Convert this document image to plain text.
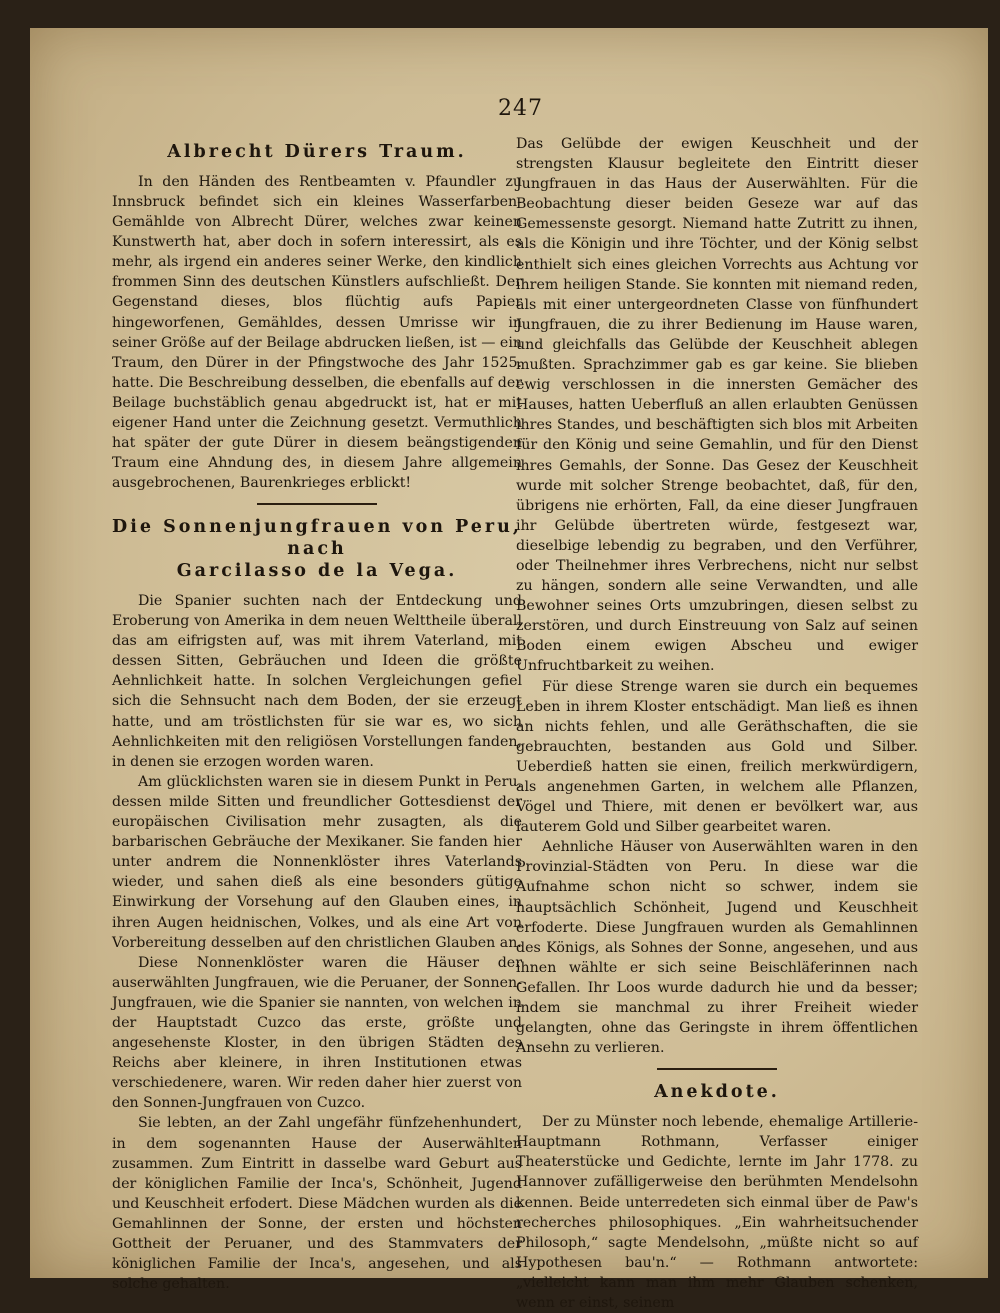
247
Albrecht Dürers Traum.

In den Händen des Rentbeamten v. Pfaundler zu Innsbruck befindet sich ein kleines Wasserfarben-Gemählde von Albrecht Dürer, welches zwar keinen Kunstwerth hat, aber doch in sofern interessirt, als es mehr, als irgend ein anderes seiner Werke, den kindlich frommen Sinn des deutschen Künstlers aufschließt. Der Gegenstand dieses, blos flüchtig aufs Papier hingeworfenen, Gemähldes, dessen Umrisse wir in seiner Größe auf der Beilage abdrucken ließen, ist — ein Traum, den Dürer in der Pfingstwoche des Jahr 1525. hatte. Die Beschreibung desselben, die ebenfalls auf der Beilage buchstäblich genau abgedruckt ist, hat er mit eigener Hand unter die Zeichnung gesetzt. Vermuthlich hat später der gute Dürer in diesem beängstigenden Traum eine Ahndung des, in diesem Jahre allgemein ausgebrochenen, Baurenkrieges erblickt!

Die Sonnenjungfrauen von Peru, nach
Garcilasso de la Vega.

Die Spanier suchten nach der Entdeckung und Eroberung von Amerika in dem neuen Welttheile überall das am eifrigsten auf, was mit ihrem Vaterland, mit dessen Sitten, Gebräuchen und Ideen die größte Aehnlichkeit hatte. In solchen Vergleichungen gefiel sich die Sehnsucht nach dem Boden, der sie erzeugt hatte, und am tröstlichsten für sie war es, wo sich Aehnlichkeiten mit den religiösen Vorstellungen fanden, in denen sie erzogen worden waren.

Am glücklichsten waren sie in diesem Punkt in Peru, dessen milde Sitten und freundlicher Gottesdienst der europäischen Civilisation mehr zusagten, als die barbarischen Gebräuche der Mexikaner. Sie fanden hier unter andrem die Nonnenklöster ihres Vaterlands wieder, und sahen dieß als eine besonders gütige Einwirkung der Vorsehung auf den Glauben eines, in ihren Augen heidnischen, Volkes, und als eine Art von Vorbereitung desselben auf den christlichen Glauben an.

Diese Nonnenklöster waren die Häuser der auserwählten Jungfrauen, wie die Peruaner, der Sonnen-Jungfrauen, wie die Spanier sie nannten, von welchen in der Hauptstadt Cuzco das erste, größte und angesehenste Kloster, in den übrigen Städten des Reichs aber kleinere, in ihren Institutionen etwas verschiedenere, waren. Wir reden daher hier zuerst von den Sonnen-Jungfrauen von Cuzco.

Sie lebten, an der Zahl ungefähr fünfzehenhundert, in dem sogenannten Hause der Auserwählten zusammen. Zum Eintritt in dasselbe ward Geburt aus der königlichen Familie der Inca's, Schönheit, Jugend und Keuschheit erfodert. Diese Mädchen wurden als die Gemahlinnen der Sonne, der ersten und höchsten Gottheit der Peruaner, und des Stammvaters der königlichen Familie der Inca's, angesehen, und als solche gehalten.

Das Gelübde der ewigen Keuschheit und der strengsten Klausur begleitete den Eintritt dieser Jungfrauen in das Haus der Auserwählten. Für die Beobachtung dieser beiden Geseze war auf das Gemessenste gesorgt. Niemand hatte Zutritt zu ihnen, als die Königin und ihre Töchter, und der König selbst enthielt sich eines gleichen Vorrechts aus Achtung vor ihrem heiligen Stande. Sie konnten mit niemand reden, als mit einer untergeordneten Classe von fünfhundert Jungfrauen, die zu ihrer Bedienung im Hause waren, und gleichfalls das Gelübde der Keuschheit ablegen mußten. Sprachzimmer gab es gar keine. Sie blieben ewig verschlossen in die innersten Gemächer des Hauses, hatten Ueberfluß an allen erlaubten Genüssen ihres Standes, und beschäftigten sich blos mit Arbeiten für den König und seine Gemahlin, und für den Dienst ihres Gemahls, der Sonne. Das Gesez der Keuschheit wurde mit solcher Strenge beobachtet, daß, für den, übrigens nie erhörten, Fall, da eine dieser Jungfrauen ihr Gelübde übertreten würde, festgesezt war, dieselbige lebendig zu begraben, und den Verführer, oder Theilnehmer ihres Verbrechens, nicht nur selbst zu hängen, sondern alle seine Verwandten, und alle Bewohner seines Orts umzubringen, diesen selbst zu zerstören, und durch Einstreuung von Salz auf seinen Boden einem ewigen Abscheu und ewiger Unfruchtbarkeit zu weihen.

Für diese Strenge waren sie durch ein bequemes Leben in ihrem Kloster entschädigt. Man ließ es ihnen an nichts fehlen, und alle Geräthschaften, die sie gebrauchten, bestanden aus Gold und Silber. Ueberdieß hatten sie einen, freilich merkwürdigern, als angenehmen Garten, in welchem alle Pflanzen, Vögel und Thiere, mit denen er bevölkert war, aus lauterem Gold und Silber gearbeitet waren.

Aehnliche Häuser von Auserwählten waren in den Provinzial-Städten von Peru. In diese war die Aufnahme schon nicht so schwer, indem sie hauptsächlich Schönheit, Jugend und Keuschheit erfoderte. Diese Jungfrauen wurden als Gemahlinnen des Königs, als Sohnes der Sonne, angesehen, und aus ihnen wählte er sich seine Beischläferinnen nach Gefallen. Ihr Loos wurde dadurch hie und da besser; indem sie manchmal zu ihrer Freiheit wieder gelangten, ohne das Geringste in ihrem öffentlichen Ansehn zu verlieren.

Anekdote.

Der zu Münster noch lebende, ehemalige Artillerie-Hauptmann Rothmann, Verfasser einiger Theaterstücke und Gedichte, lernte im Jahr 1778. zu Hannover zufälligerweise den berühmten Mendelsohn kennen. Beide unterredeten sich einmal über de Paw's recherches philosophiques. „Ein wahrheitsuchender Philosoph,“ sagte Mendelsohn, „müßte nicht so auf Hypothesen bau'n.“ — Rothmann antwortete: „vielleicht kann man ihm mehr Glauben schenken, wenn er einst, seinem
